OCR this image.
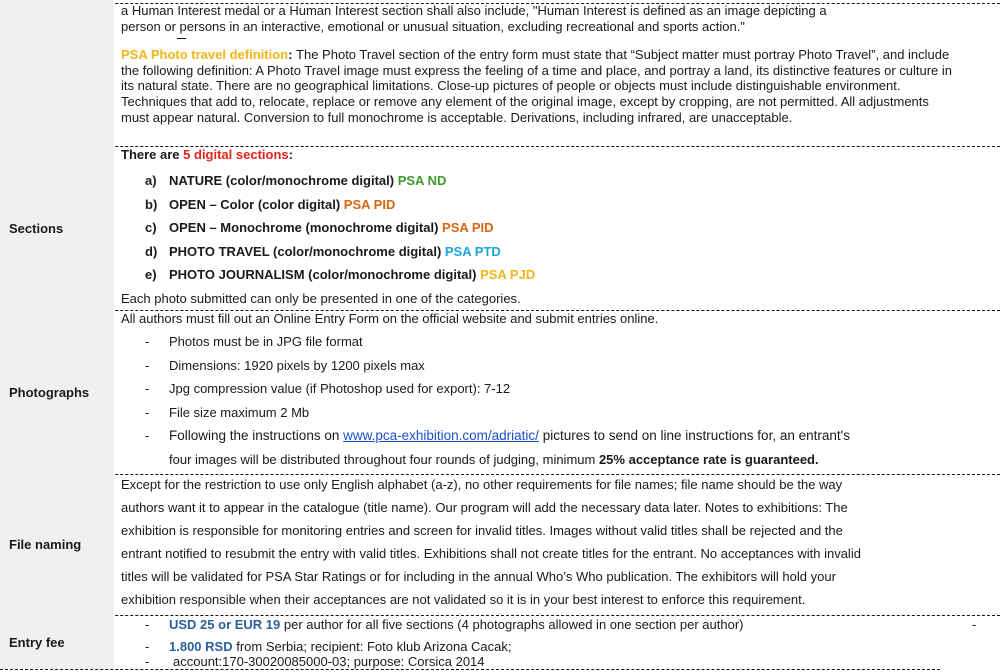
a Human Interest medal or a Human Interest section shall also include, "Human Interest is defined as an image depicting a

person or persons in an interactive, emotional or unusual situation, excluding recreational and sports action."

PSA Photo travel definition: The Photo Travel section of the entry form must state that “Subject matter must portray Photo Travel”, and include the following definition: A Photo Travel image must express the feeling of a time and place, and portray a land, its distinctive features or culture in its natural state. There are no geographical limitations. Close-up pictures of people or objects must include distinguishable environment. Techniques that add to, relocate, replace or remove any element of the original image, except by cropping, are not permitted. All adjustments must appear natural. Conversion to full monochrome is acceptable. Derivations, including infrared, are unacceptable.

Sections

There are 5 digital sections:

a) NATURE (color/monochrome digital) PSA ND
b) OPEN – Color (color digital) PSA PID
c) OPEN – Monochrome (monochrome digital) PSA PID
d) PHOTO TRAVEL (color/monochrome digital) PSA PTD
e) PHOTO JOURNALISM (color/monochrome digital) PSA PJD

Each photo submitted can only be presented in one of the categories.

Photographs

All authors must fill out an Online Entry Form on the official website and submit entries online.

- Photos must be in JPG file format
- Dimensions: 1920 pixels by 1200 pixels max
- Jpg compression value (if Photoshop used for export): 7-12
- File size maximum 2 Mb
- Following the instructions on www.pca-exhibition.com/adriatic/ pictures to send on line instructions for, an entrant's
four images will be distributed throughout four rounds of judging, minimum 25% acceptance rate is guaranteed.
File naming
Except for the restriction to use only English alphabet (a-z), no other requirements for file names; file name should be the way authors want it to appear in the catalogue (title name). Our program will add the necessary data later. Notes to exhibitions: The exhibition is responsible for monitoring entries and screen for invalid titles. Images without valid titles shall be rejected and the entrant notified to resubmit the entry with valid titles. Exhibitions shall not create titles for the entrant. No acceptances with invalid titles will be validated for PSA Star Ratings or for including in the annual Who’s Who publication. The exhibitors will hold your exhibition responsible when their acceptances are not validated so it is in your best interest to enforce this requirement.
Entry fee
- USD 25 or EUR 19 per author for all five sections (4 photographs allowed in one section per author)
- 1.800 RSD from Serbia; recipient: Foto klub Arizona Cacak;
- account:170-30020085000-03; purpose: Corsica 2014
-
